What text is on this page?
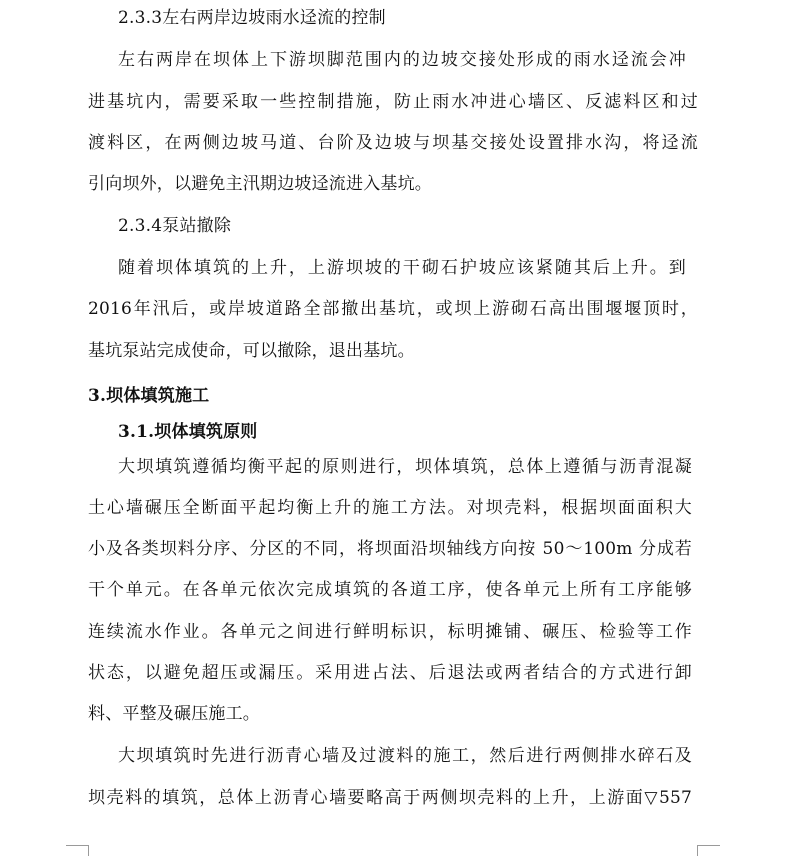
2.3.3左右两岸边坡雨水迳流的控制
左右两岸在坝体上下游坝脚范围内的边坡交接处形成的雨水迳流会冲
进基坑内，需要采取一些控制措施，防止雨水冲进心墙区、反滤料区和过
渡料区，在两侧边坡马道、台阶及边坡与坝基交接处设置排水沟，将迳流
引向坝外，以避免主汛期边坡迳流进入基坑。
2.3.4泵站撤除
随着坝体填筑的上升，上游坝坡的干砌石护坡应该紧随其后上升。到
2016年汛后，或岸坡道路全部撤出基坑，或坝上游砌石高出围堰堰顶时，
基坑泵站完成使命，可以撤除，退出基坑。
3.坝体填筑施工
3.1.坝体填筑原则
大坝填筑遵循均衡平起的原则进行，坝体填筑，总体上遵循与沥青混凝
土心墙碾压全断面平起均衡上升的施工方法。对坝壳料，根据坝面面积大
小及各类坝料分序、分区的不同，将坝面沿坝轴线方向按 50～100m 分成若
干个单元。在各单元依次完成填筑的各道工序，使各单元上所有工序能够
连续流水作业。各单元之间进行鲜明标识，标明摊铺、碾压、检验等工作
状态，以避免超压或漏压。采用进占法、后退法或两者结合的方式进行卸
料、平整及碾压施工。
大坝填筑时先进行沥青心墙及过渡料的施工，然后进行两侧排水碎石及
坝壳料的填筑，总体上沥青心墙要略高于两侧坝壳料的上升，上游面▽557
